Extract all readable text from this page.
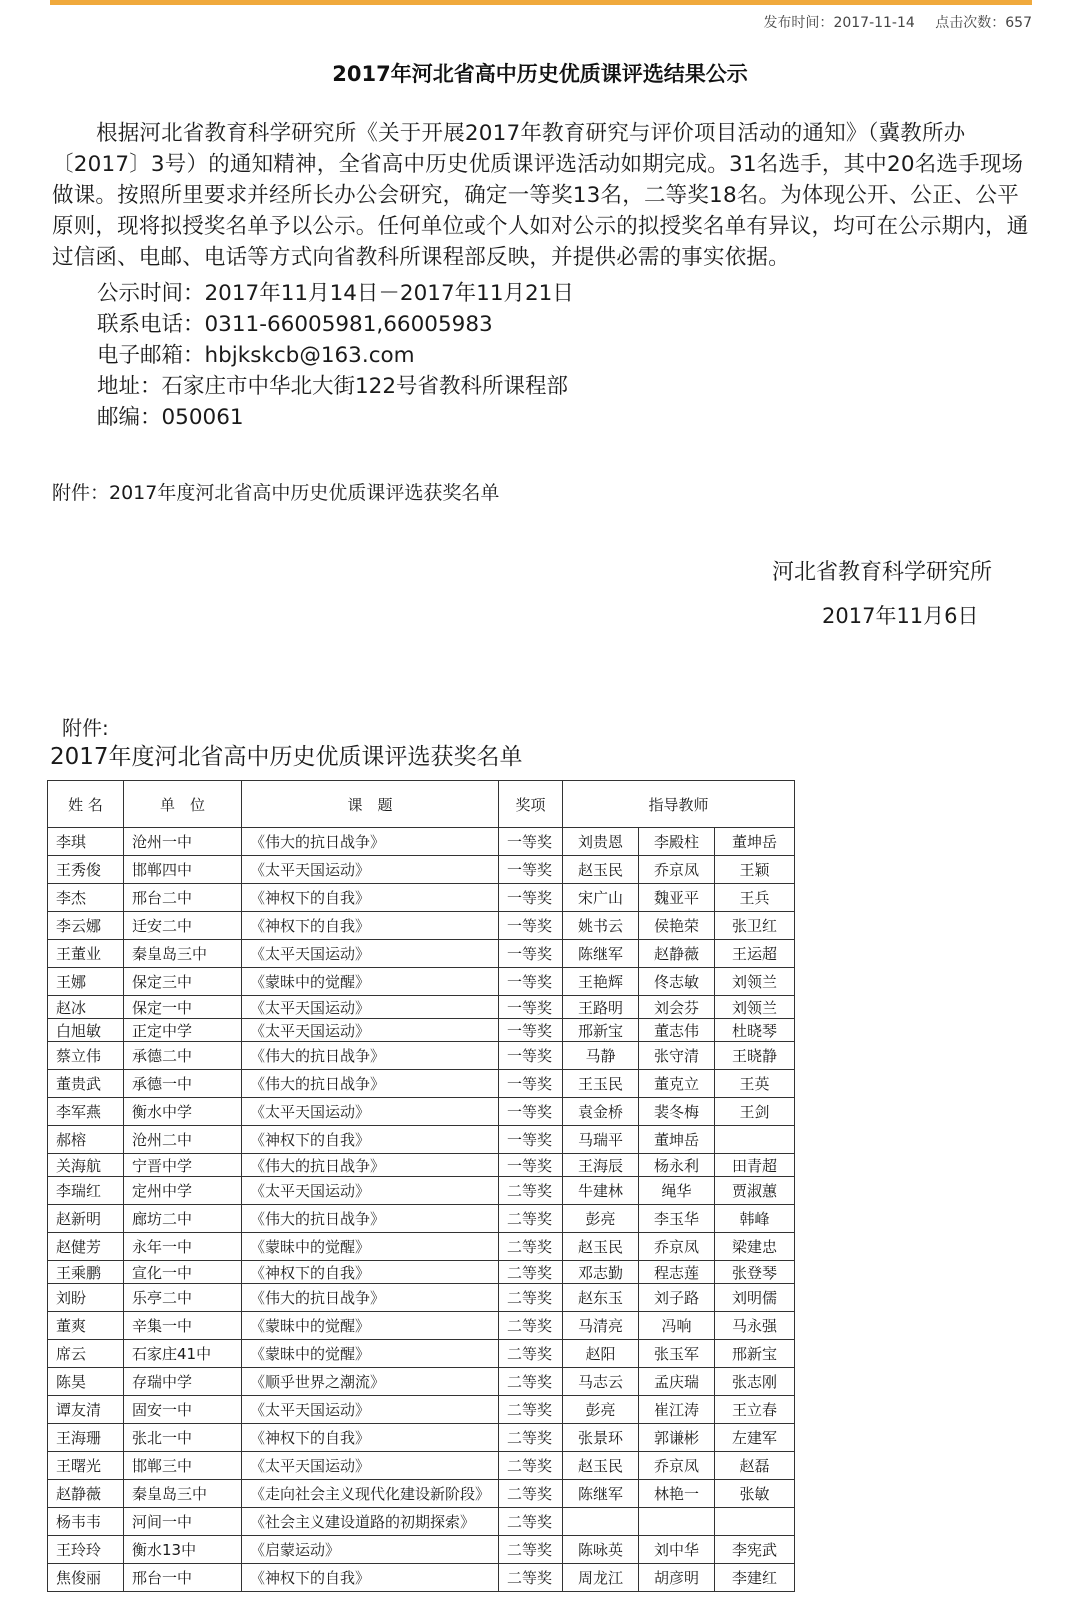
发布时间：2017-11-14 点击次数：657
2017年河北省高中历史优质课评选结果公示
根据河北省教育科学研究所《关于开展2017年教育研究与评价项目活动的通知》（冀教所办〔2017〕3号）的通知精神，全省高中历史优质课评选活动如期完成。31名选手，其中20名选手现场做课。按照所里要求并经所长办公会研究，确定一等奖13名，二等奖18名。为体现公开、公正、公平原则，现将拟授奖名单予以公示。任何单位或个人如对公示的拟授奖名单有异议，均可在公示期内，通过信函、电邮、电话等方式向省教科所课程部反映，并提供必需的事实依据。
公示时间：2017年11月14日－2017年11月21日
联系电话：0311-66005981,66005983
电子邮箱：hbjkskcb@163.com
地址：石家庄市中华北大街122号省教科所课程部
邮编：050061
附件：2017年度河北省高中历史优质课评选获奖名单
河北省教育科学研究所
2017年11月6日
附件:
2017年度河北省高中历史优质课评选获奖名单
姓 名	单　位	课　题	奖项	指导教师		
李琪	沧州一中	《伟大的抗日战争》	一等奖	刘贵恩	李殿柱	董坤岳
王秀俊	邯郸四中	《太平天国运动》	一等奖	赵玉民	乔京凤	王颖
李杰	邢台二中	《神权下的自我》	一等奖	宋广山	魏亚平	王兵
李云娜	迁安二中	《神权下的自我》	一等奖	姚书云	侯艳荣	张卫红
王董业	秦皇岛三中	《太平天国运动》	一等奖	陈继军	赵静薇	王运超
王娜	保定三中	《蒙昧中的觉醒》	一等奖	王艳辉	佟志敏	刘领兰
赵冰	保定一中	《太平天国运动》	一等奖	王路明	刘会芬	刘领兰
白旭敏	正定中学	《太平天国运动》	一等奖	邢新宝	董志伟	杜晓琴
蔡立伟	承德二中	《伟大的抗日战争》	一等奖	马静	张守清	王晓静
董贵武	承德一中	《伟大的抗日战争》	一等奖	王玉民	董克立	王英
李军燕	衡水中学	《太平天国运动》	一等奖	袁金桥	裴冬梅	王剑
郝榕	沧州二中	《神权下的自我》	一等奖	马瑞平	董坤岳	
关海航	宁晋中学	《伟大的抗日战争》	一等奖	王海辰	杨永利	田青超
李瑞红	定州中学	《太平天国运动》	二等奖	牛建林	绳华	贾淑蕙
赵新明	廊坊二中	《伟大的抗日战争》	二等奖	彭亮	李玉华	韩峰
赵健芳	永年一中	《蒙昧中的觉醒》	二等奖	赵玉民	乔京凤	梁建忠
王乘鹏	宣化一中	《神权下的自我》	二等奖	邓志勤	程志莲	张登琴
刘盼	乐亭二中	《伟大的抗日战争》	二等奖	赵东玉	刘子路	刘明儒
董爽	辛集一中	《蒙昧中的觉醒》	二等奖	马清亮	冯响	马永强
席云	石家庄41中	《蒙昧中的觉醒》	二等奖	赵阳	张玉军	邢新宝
陈昊	存瑞中学	《顺乎世界之潮流》	二等奖	马志云	孟庆瑞	张志刚
谭友清	固安一中	《太平天国运动》	二等奖	彭亮	崔江涛	王立春
王海珊	张北一中	《神权下的自我》	二等奖	张景环	郭谦彬	左建军
王曙光	邯郸三中	《太平天国运动》	二等奖	赵玉民	乔京凤	赵磊
赵静薇	秦皇岛三中	《走向社会主义现代化建设新阶段》	二等奖	陈继军	林艳一	张敏
杨韦韦	河间一中	《社会主义建设道路的初期探索》	二等奖			
王玲玲	衡水13中	《启蒙运动》	二等奖	陈咏英	刘中华	李宪武
焦俊丽	邢台一中	《神权下的自我》	二等奖	周龙江	胡彦明	李建红
